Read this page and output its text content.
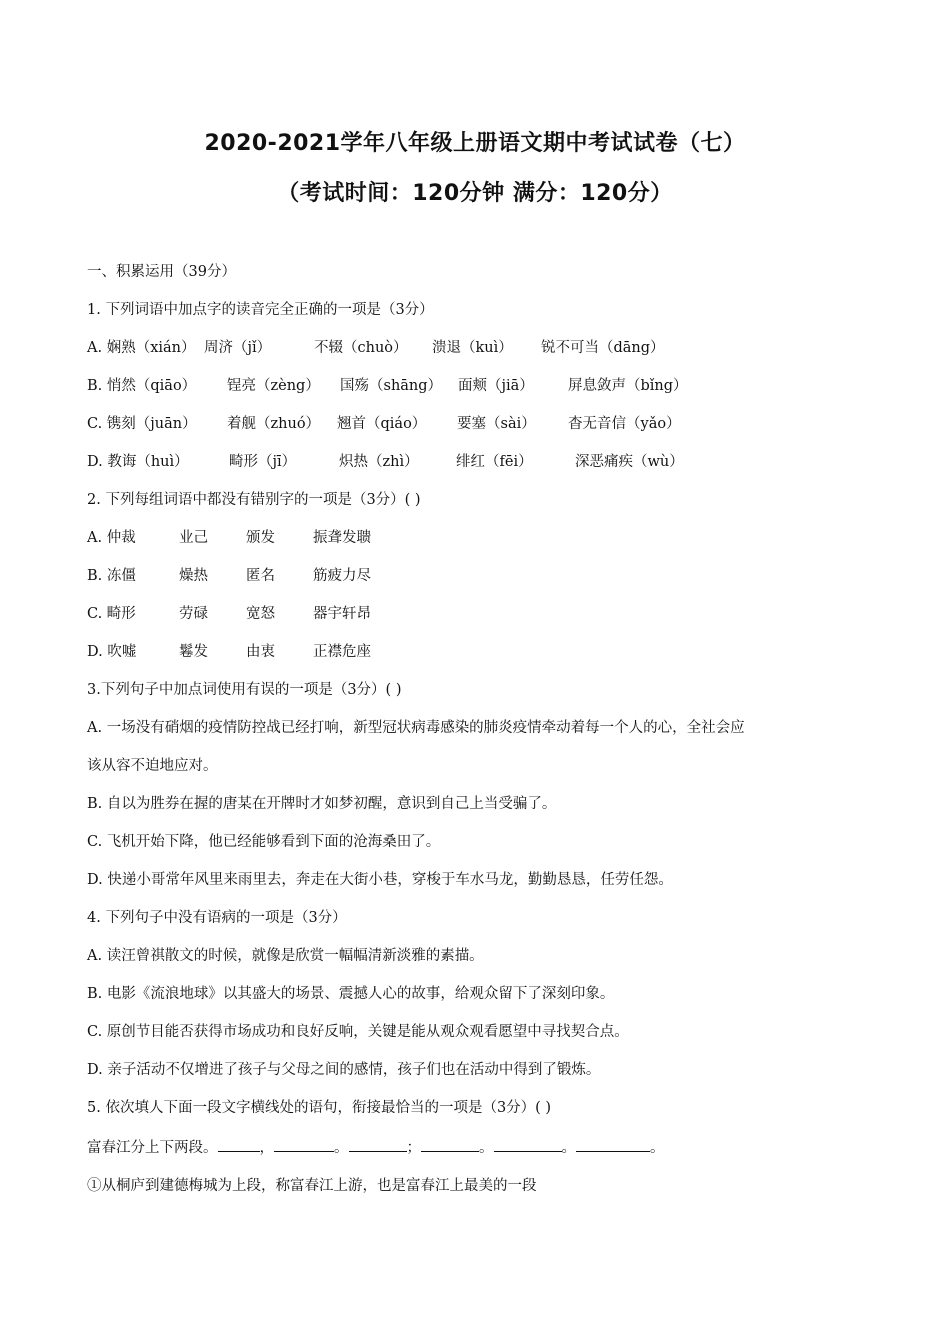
2020-2021学年八年级上册语文期中考试试卷（七）
（考试时间：120分钟 满分：120分）
一、积累运用（39分）
1. 下列词语中加点字的读音完全正确的一项是（3分）
A. 娴熟（xián） 周济（jǐ）	不辍（chuò） 溃退（kuì） 锐不可当（dāng）
B. 悄然（qiāo） 锃亮（zèng） 国殇（shāng） 面颊（jiā） 屏息敛声（bǐng）
C. 镌刻（juān） 着舰（zhuó） 翘首（qiáo） 要塞（sài） 杳无音信（yǎo）
D. 教诲（huì）	畸形（jī）	炽热（zhì）	绯红（fēi）	深恶痛疾（wù）
2. 下列每组词语中都没有错别字的一项是（3分）( )
A. 仲裁	业己	颁发	振聋发聩
B. 冻僵	燥热	匿名	筋疲力尽
C. 畸形	劳碌	宽怒	器宇轩昂
D. 吹嘘	鬈发	由衷	正襟危座
3.下列句子中加点词使用有误的一项是（3分）( )
A. 一场没有硝烟的疫情防控战已经打响，新型冠状病毒感染的肺炎疫情牵动着每一个人的心，全社会应
该从容不迫地应对。
B. 自以为胜券在握的唐某在开牌时才如梦初醒，意识到自己上当受骗了。
C. 飞机开始下降，他已经能够看到下面的沧海桑田了。
D. 快递小哥常年风里来雨里去，奔走在大街小巷，穿梭于车水马龙，勤勤恳恳，任劳任怨。
4. 下列句子中没有语病的一项是（3分）
A. 读汪曾祺散文的时候，就像是欣赏一幅幅清新淡雅的素描。
B. 电影《流浪地球》以其盛大的场景、震撼人心的故事，给观众留下了深刻印象。
C. 原创节目能否获得市场成功和良好反响，关键是能从观众观看愿望中寻找契合点。
D. 亲子活动不仅增进了孩子与父母之间的感情，孩子们也在活动中得到了锻炼。
5. 依次填人下面一段文字横线处的语句，衔接最恰当的一项是（3分）( )
富春江分上下两段。	，	。	；	。	。	。
①从桐庐到建德梅城为上段，称富春江上游，也是富春江上最美的一段
